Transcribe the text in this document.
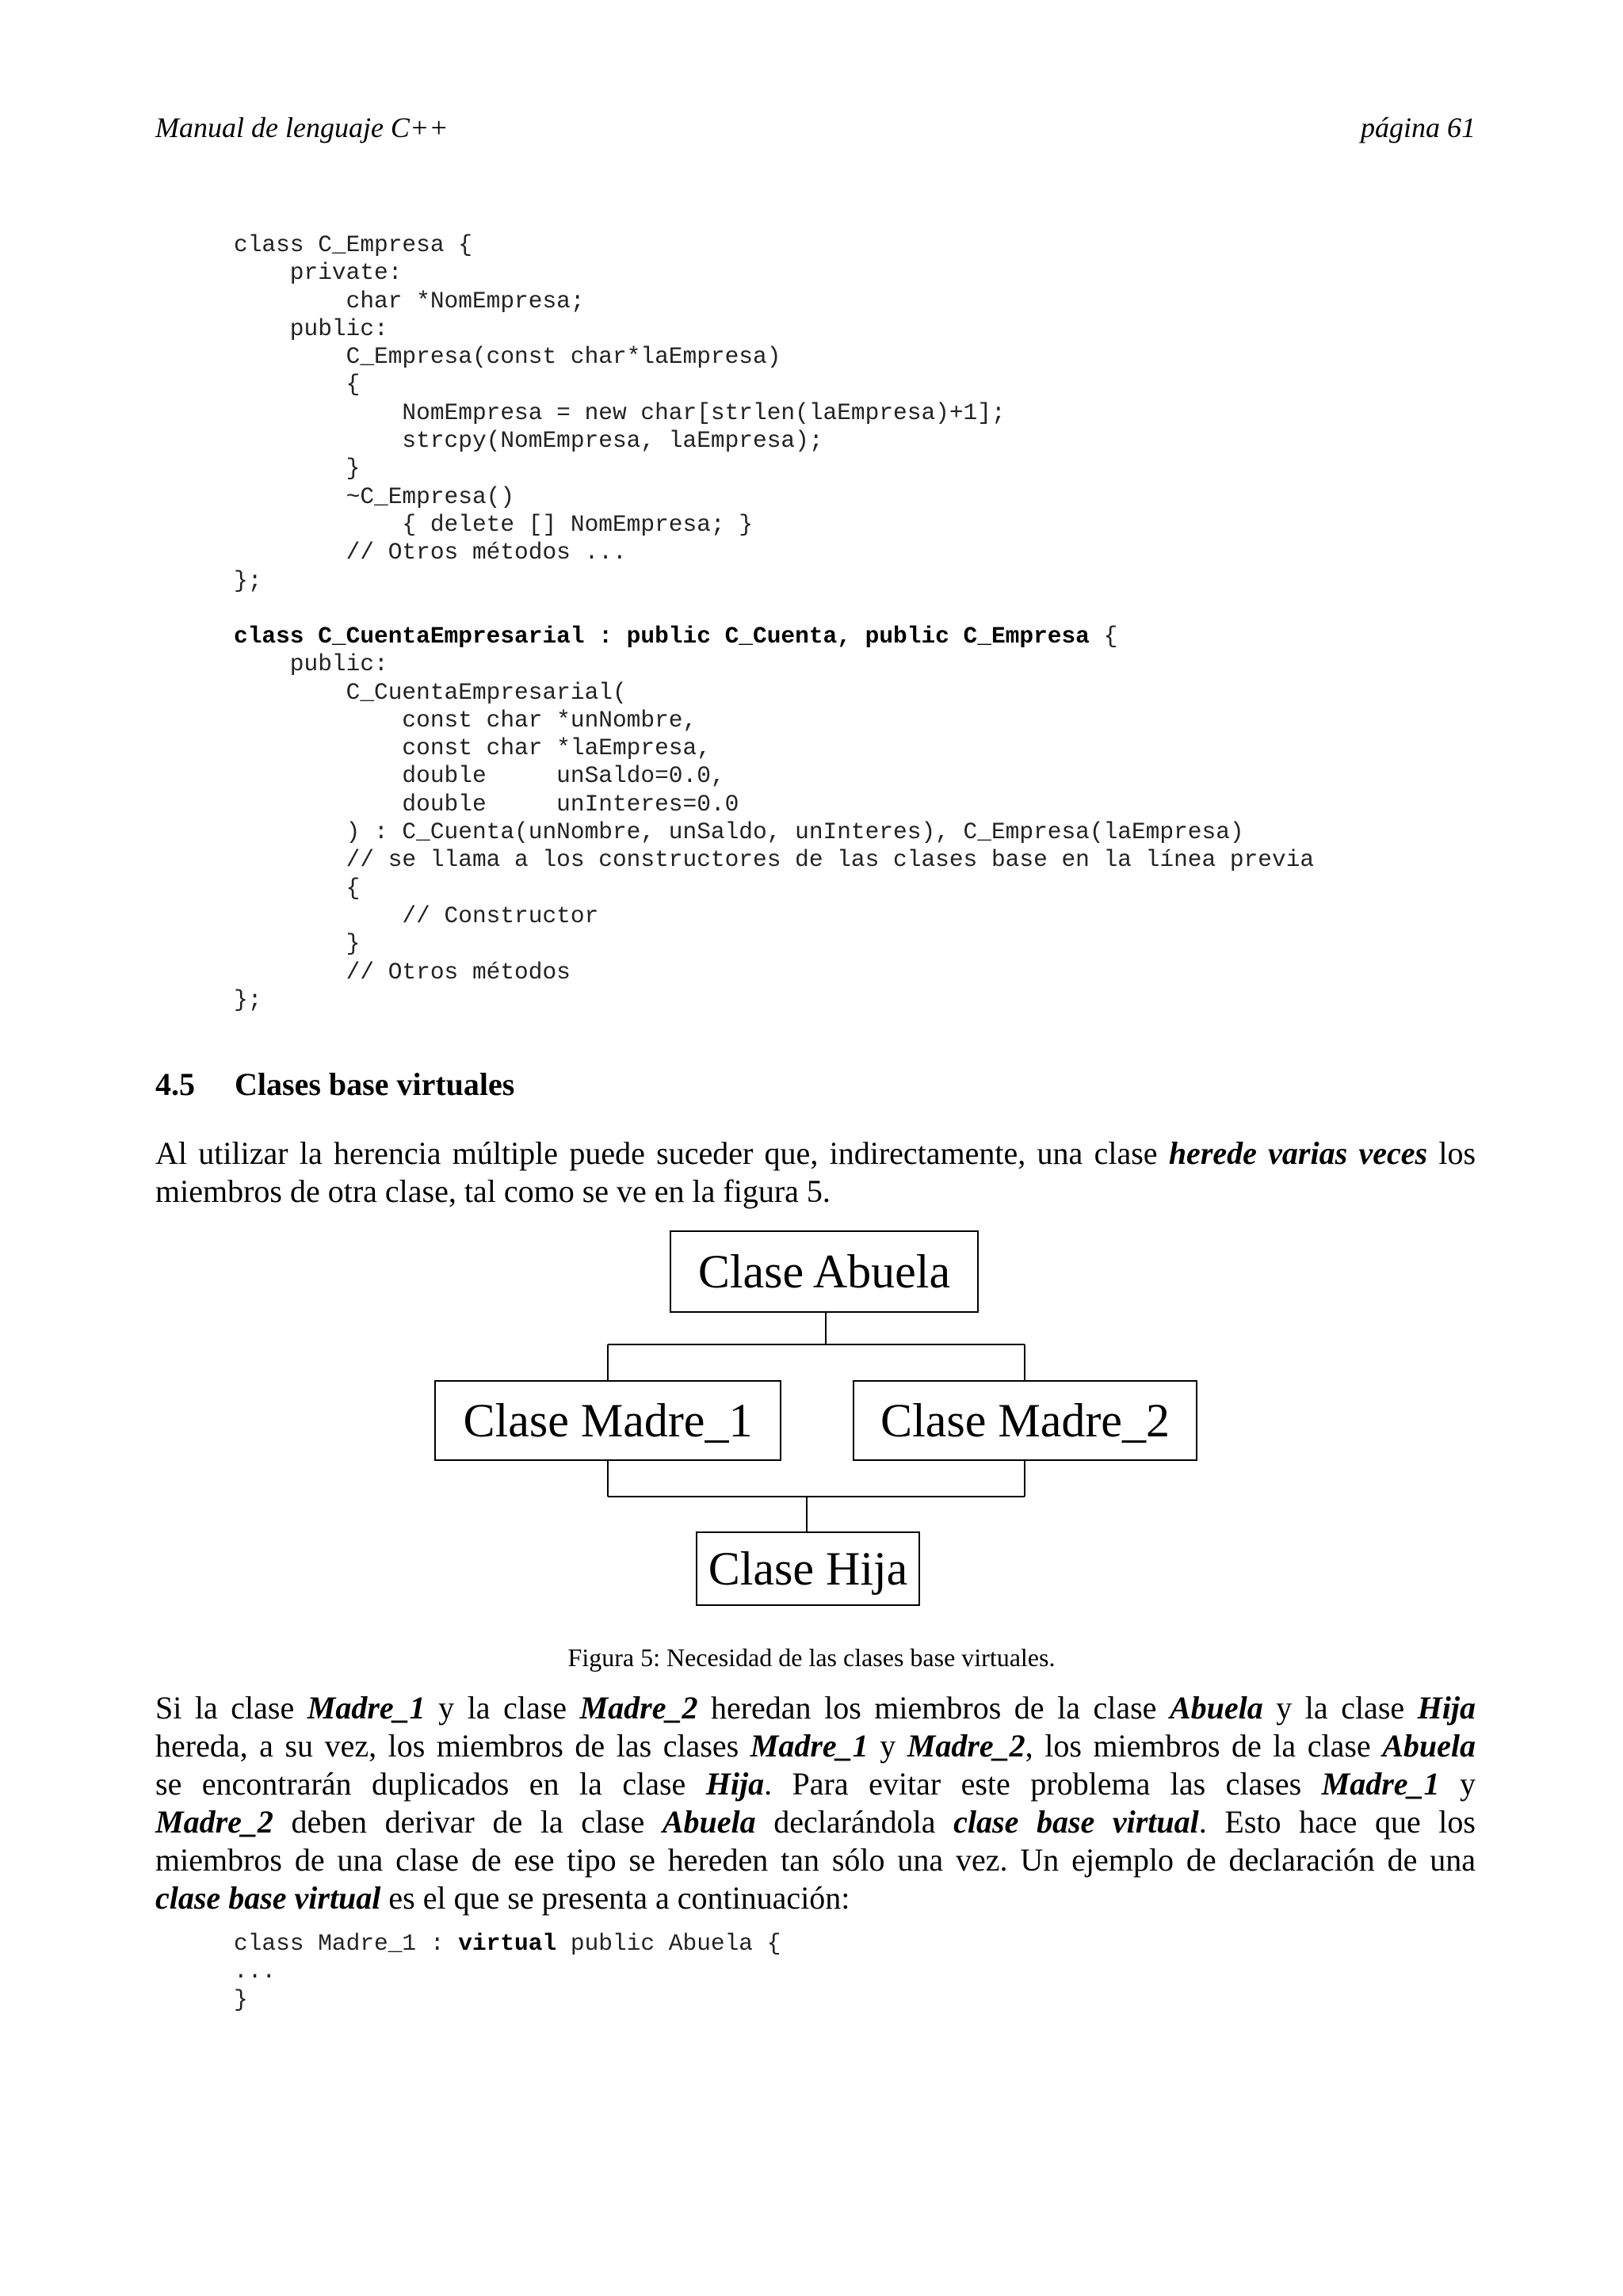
Manual de lenguaje C++	página 61
class C_Empresa {
private:
char *NomEmpresa;
public:
C_Empresa(const char*laEmpresa)
{
NomEmpresa = new char[strlen(laEmpresa)+1];
strcpy(NomEmpresa, laEmpresa);
}
~C_Empresa()
{ delete [] NomEmpresa; }
// Otros métodos ...
};
class C_CuentaEmpresarial : public C_Cuenta, public C_Empresa {
public:
C_CuentaEmpresarial(
const char *unNombre,
const char *laEmpresa,
double     unSaldo=0.0,
double     unInteres=0.0
) : C_Cuenta(unNombre, unSaldo, unInteres), C_Empresa(laEmpresa)
// se llama a los constructores de las clases base en la línea previa
{
// Constructor
}
// Otros métodos
};
4.5 Clases base virtuales
Al utilizar la herencia múltiple puede suceder que, indirectamente, una clase herede varias veces los
miembros de otra clase, tal como se ve en la figura 5.
Clase Abuela
Clase Madre_1	Clase Madre_2
Clase Hija
Figura 5: Necesidad de las clases base virtuales.
Si la clase Madre_1 y la clase Madre_2 heredan los miembros de la clase Abuela y la clase Hija
hereda, a su vez, los miembros de las clases Madre_1 y Madre_2, los miembros de la clase Abuela
se encontrarán duplicados en la clase Hija. Para evitar este problema las clases Madre_1 y
Madre_2 deben derivar de la clase Abuela declarándola clase base virtual. Esto hace que los
miembros de una clase de ese tipo se hereden tan sólo una vez. Un ejemplo de declaración de una
clase base virtual es el que se presenta a continuación:
class Madre_1 : virtual public Abuela {
...
}
